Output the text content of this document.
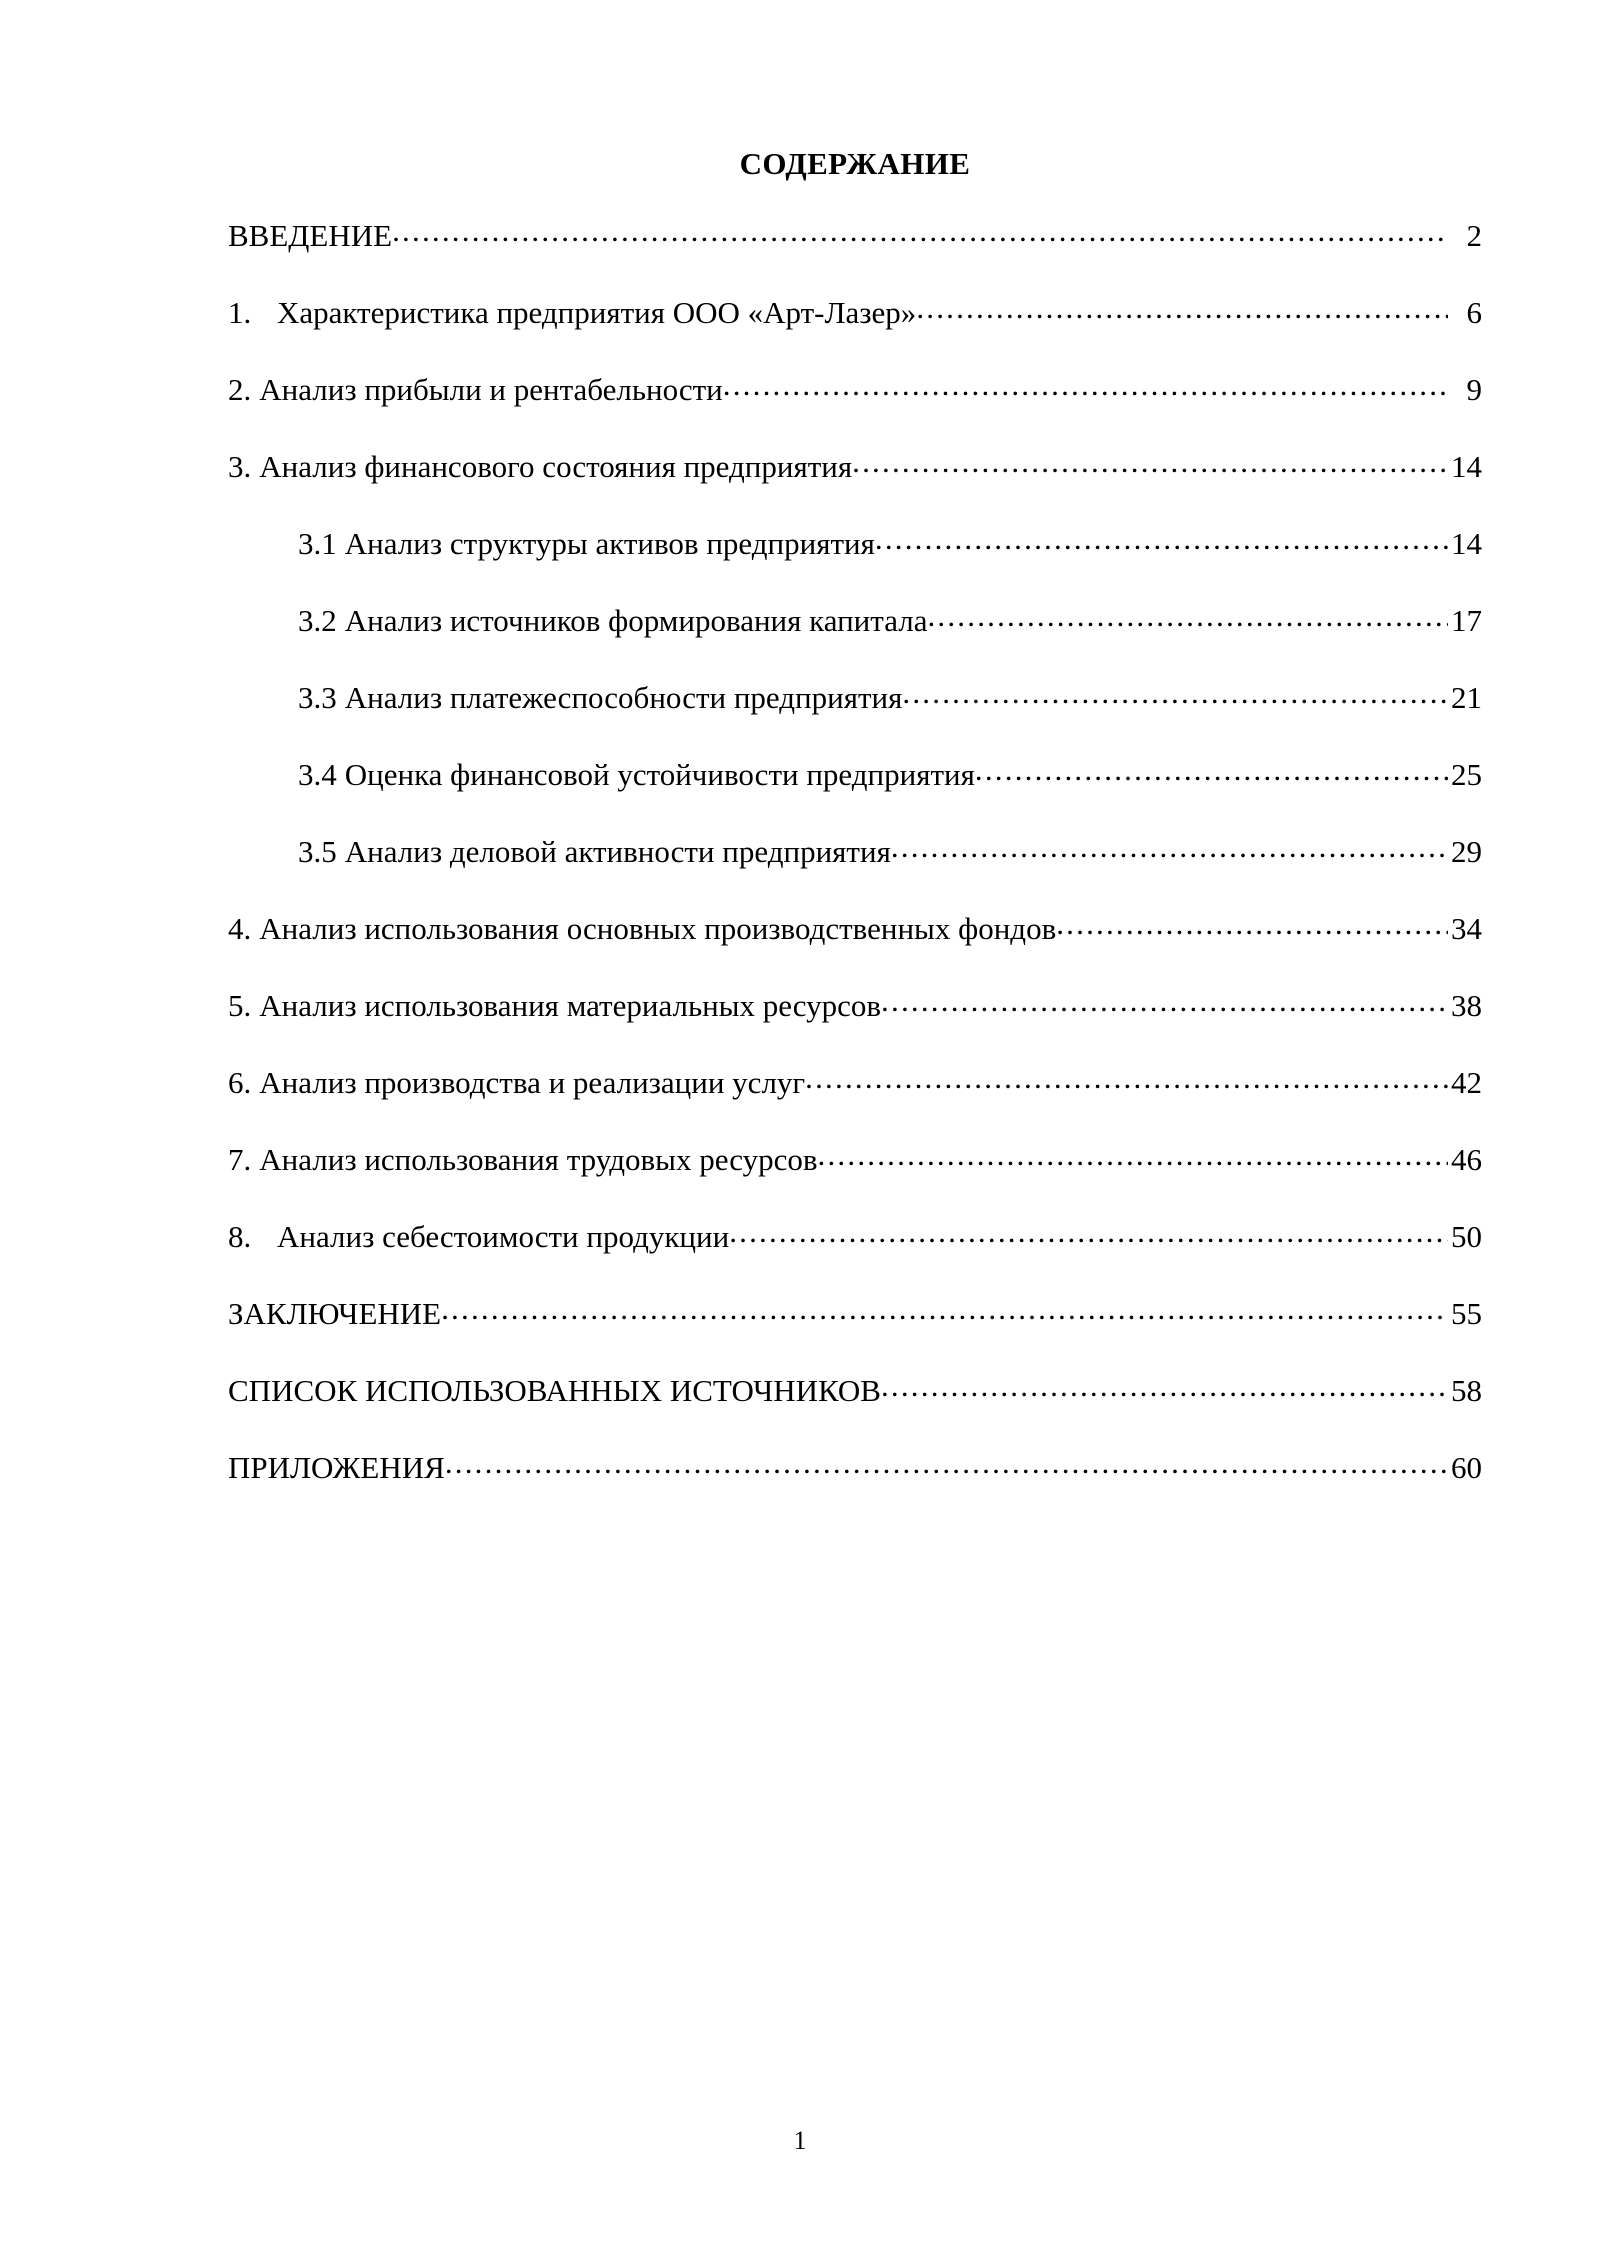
СОДЕРЖАНИЕ
ВВЕДЕНИЕ .....	2
1. Характеристика предприятия ООО «Арт-Лазер» .....	6
2. Анализ прибыли и рентабельности .....	9
3. Анализ финансового состояния предприятия .....	14
3.1 Анализ структуры активов предприятия .....	14
3.2 Анализ источников формирования капитала .....	17
3.3 Анализ платежеспособности предприятия .....	21
3.4 Оценка финансовой устойчивости предприятия .....	25
3.5 Анализ деловой активности предприятия .....	29
4. Анализ использования основных производственных фондов .....	34
5. Анализ использования материальных ресурсов .....	38
6. Анализ производства и реализации услуг .....	42
7. Анализ использования трудовых ресурсов .....	46
8. Анализ себестоимости продукции .....	50
ЗАКЛЮЧЕНИЕ .....	55
СПИСОК ИСПОЛЬЗОВАННЫХ ИСТОЧНИКОВ .....	58
ПРИЛОЖЕНИЯ .....	60
1
